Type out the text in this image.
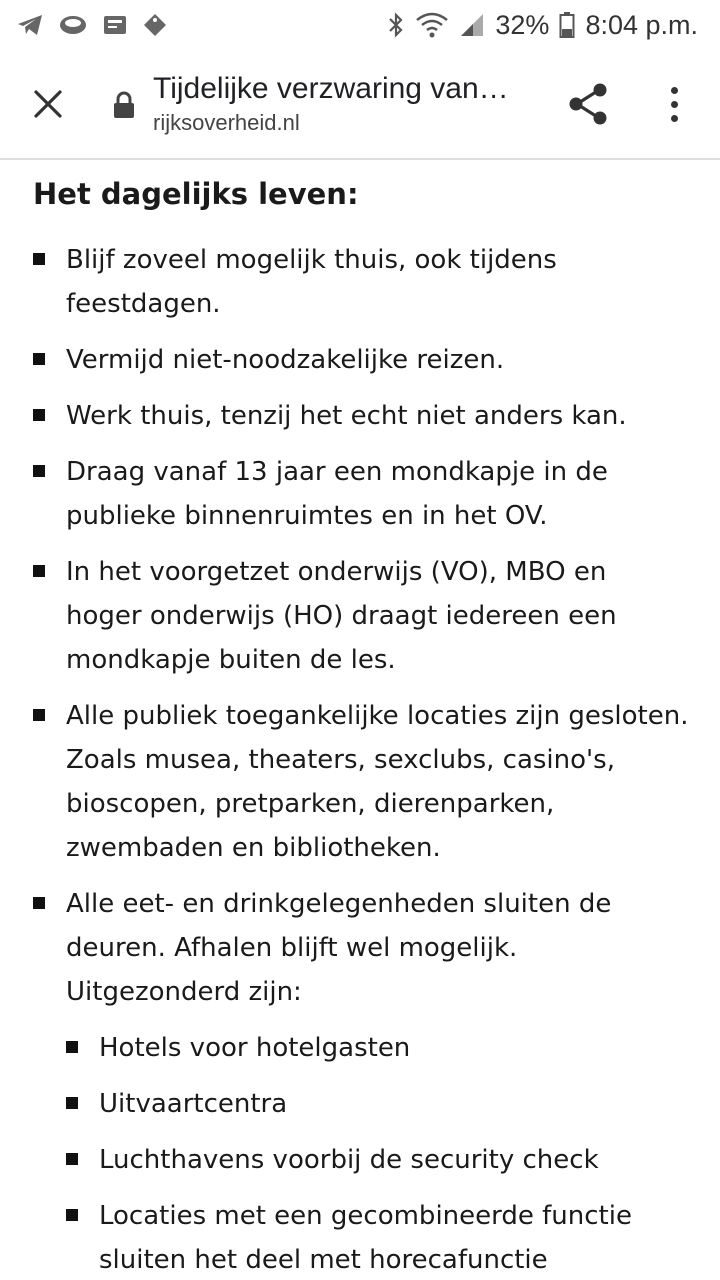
32% 8:04 p.m.
Tijdelijke verzwaring van…
rijksoverheid.nl
Het dagelijks leven:
Blijf zoveel mogelijk thuis, ook tijdens feestdagen.
Vermijd niet-noodzakelijke reizen.
Werk thuis, tenzij het echt niet anders kan.
Draag vanaf 13 jaar een mondkapje in de publieke binnenruimtes en in het OV.
In het voorgetzet onderwijs (VO), MBO en hoger onderwijs (HO) draagt iedereen een mondkapje buiten de les.
Alle publiek toegankelijke locaties zijn gesloten. Zoals musea, theaters, sexclubs, casino's, bioscopen, pretparken, dierenparken, zwembaden en bibliotheken.
Alle eet- en drinkgelegenheden sluiten de deuren. Afhalen blijft wel mogelijk. Uitgezonderd zijn:
Hotels voor hotelgasten
Uitvaartcentra
Luchthavens voorbij de security check
Locaties met een gecombineerde functie sluiten het deel met horecafunctie
